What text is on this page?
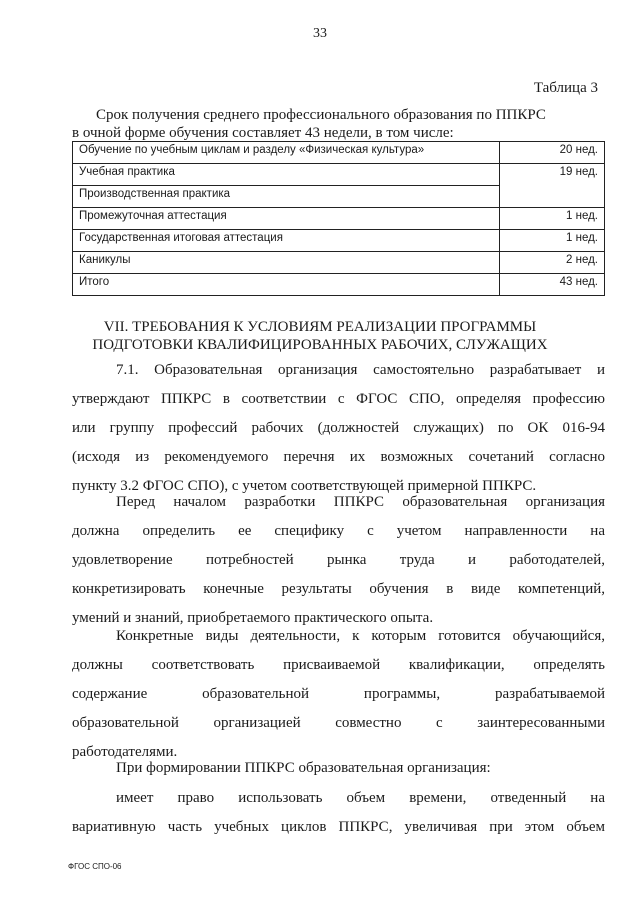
33
Таблица 3
Срок получения среднего профессионального образования по ППКРС
в очной форме обучения составляет 43 недели, в том числе:
Обучение по учебным циклам и разделу «Физическая культура»	20 нед.
Учебная практика	19 нед.
Производственная практика	
Промежуточная аттестация	1 нед.
Государственная итоговая аттестация	1 нед.
Каникулы	2 нед.
Итого	43 нед.
VII. ТРЕБОВАНИЯ К УСЛОВИЯМ РЕАЛИЗАЦИИ ПРОГРАММЫ
ПОДГОТОВКИ КВАЛИФИЦИРОВАННЫХ РАБОЧИХ, СЛУЖАЩИХ
7.1. Образовательная организация самостоятельно разрабатывает и
утверждают ППКРС в соответствии с ФГОС СПО, определяя профессию
или группу профессий рабочих (должностей служащих) по ОК 016-94
(исходя из рекомендуемого перечня их возможных сочетаний согласно
пункту 3.2 ФГОС СПО), с учетом соответствующей примерной ППКРС.
Перед началом разработки ППКРС образовательная организация
должна определить ее специфику с учетом направленности на
удовлетворение потребностей рынка труда и работодателей,
конкретизировать конечные результаты обучения в виде компетенций,
умений и знаний, приобретаемого практического опыта.
Конкретные виды деятельности, к которым готовится обучающийся,
должны соответствовать присваиваемой квалификации, определять
содержание образовательной программы, разрабатываемой
образовательной организацией совместно с заинтересованными
работодателями.
При формировании ППКРС образовательная организация:
имеет право использовать объем времени, отведенный на
вариативную часть учебных циклов ППКРС, увеличивая при этом объем
ФГОС СПО-06
